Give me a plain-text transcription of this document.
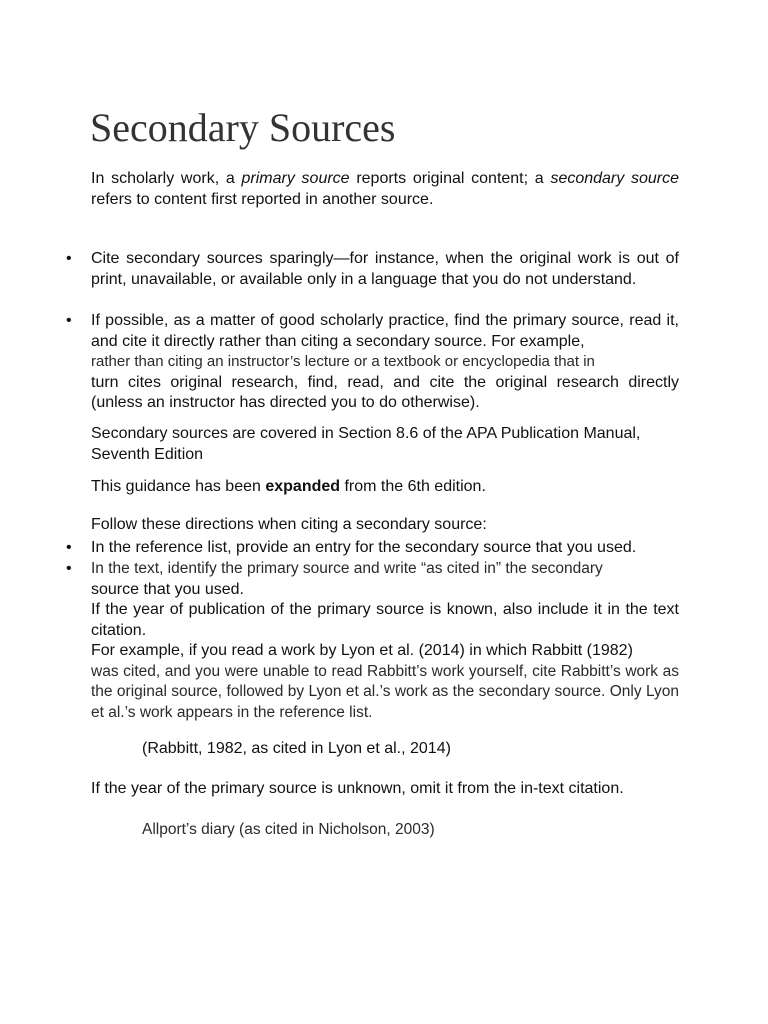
Secondary Sources

In scholarly work, a primary source reports original content; a secondary source refers to content first reported in another source.

• Cite secondary sources sparingly—for instance, when the original work is out of print, unavailable, or available only in a language that you do not understand.

• If possible, as a matter of good scholarly practice, find the primary source, read it, and cite it directly rather than citing a secondary source. For example,
rather than citing an instructor’s lecture or a textbook or encyclopedia that in
turn cites original research, find, read, and cite the original research directly (unless an instructor has directed you to do otherwise).

Secondary sources are covered in Section 8.6 of the APA Publication Manual, Seventh Edition

This guidance has been expanded from the 6th edition.

Follow these directions when citing a secondary source:

• In the reference list, provide an entry for the secondary source that you used.

• In the text, identify the primary source and write “as cited in” the secondary
source that you used.
If the year of publication of the primary source is known, also include it in the text citation.
For example, if you read a work by Lyon et al. (2014) in which Rabbitt (1982)
was cited, and you were unable to read Rabbitt’s work yourself, cite Rabbitt’s work as the original source, followed by Lyon et al.’s work as the secondary source. Only Lyon et al.’s work appears in the reference list.
(Rabbitt, 1982, as cited in Lyon et al., 2014)

If the year of the primary source is unknown, omit it from the in-text citation.

Allport’s diary (as cited in Nicholson, 2003)
